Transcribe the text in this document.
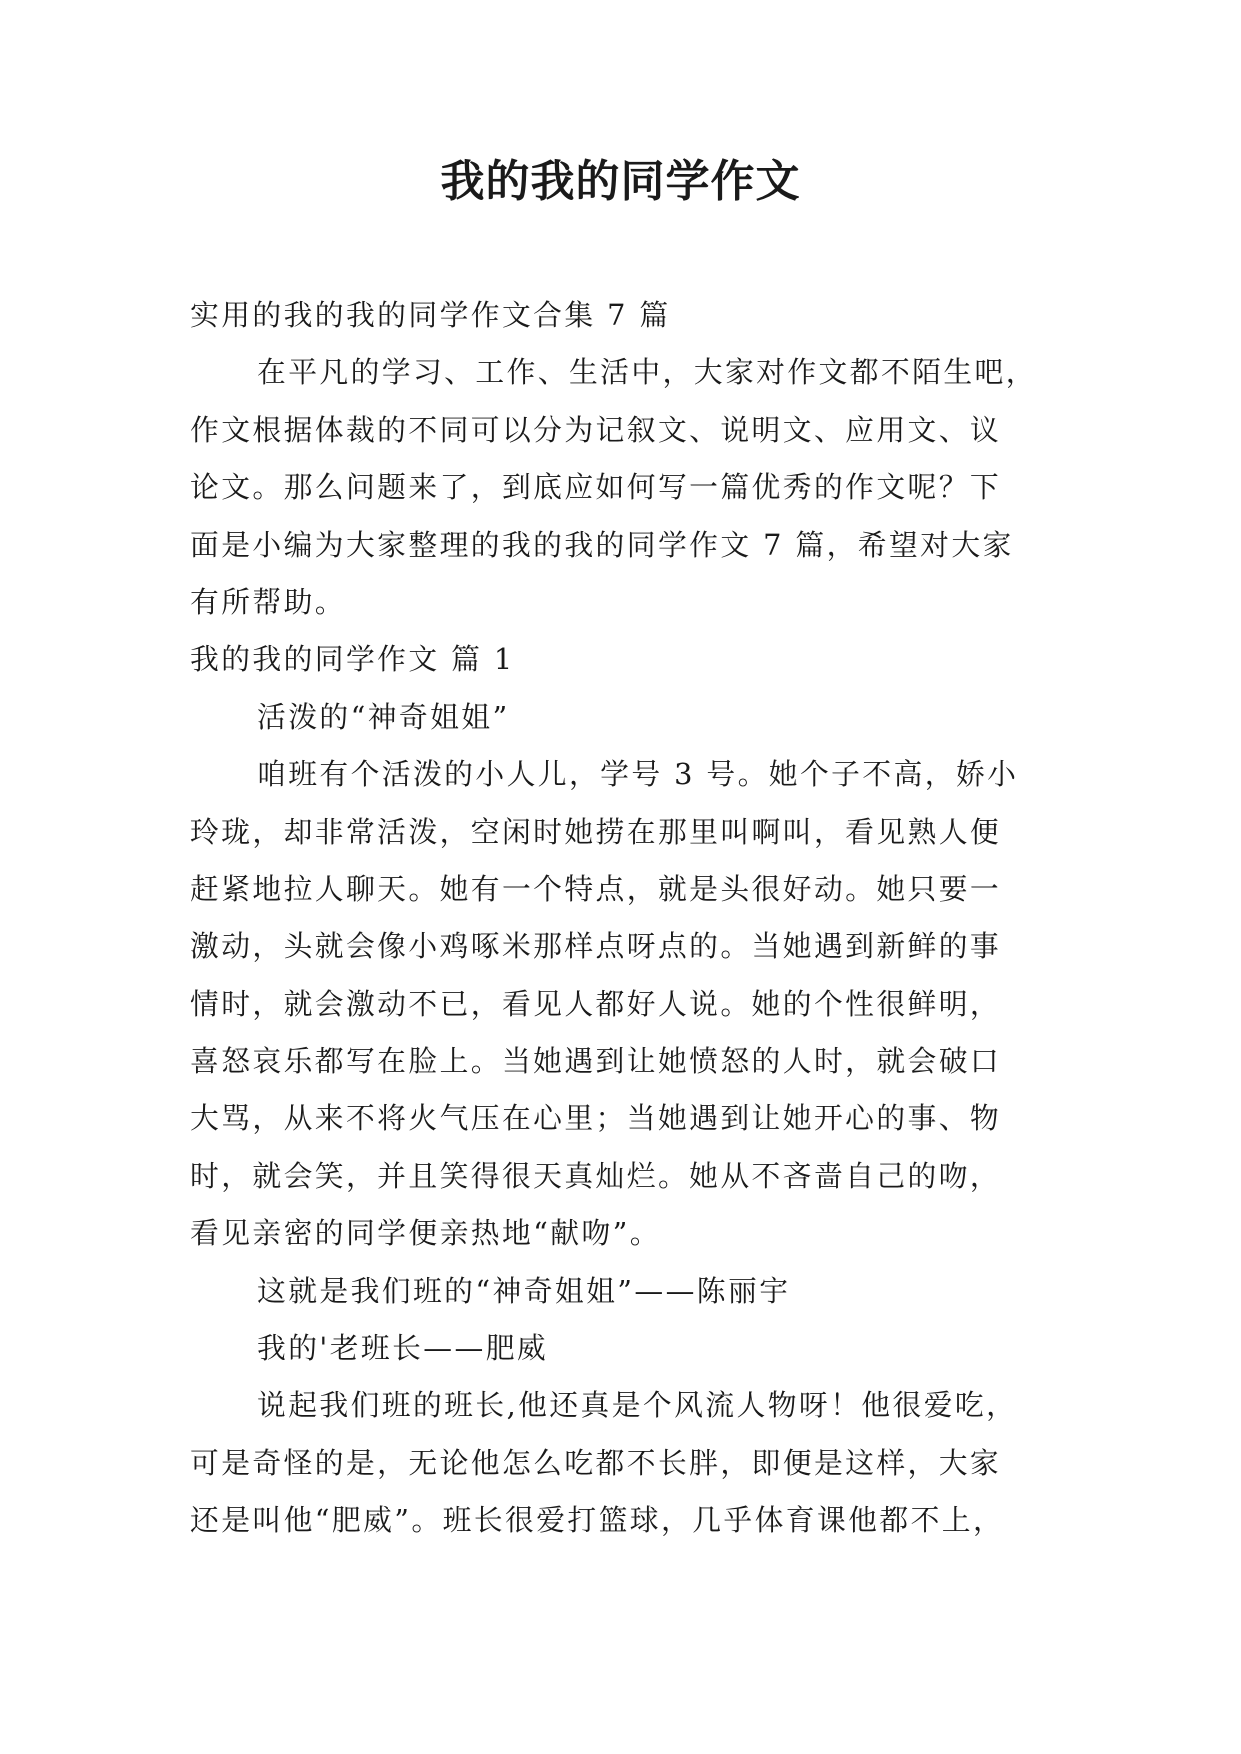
我的我的同学作文
实用的我的我的同学作文合集 7 篇
在平凡的学习、工作、生活中，大家对作文都不陌生吧，
作文根据体裁的不同可以分为记叙文、说明文、应用文、议
论文。那么问题来了，到底应如何写一篇优秀的作文呢？下
面是小编为大家整理的我的我的同学作文 7 篇，希望对大家
有所帮助。
我的我的同学作文 篇 1
活泼的“神奇姐姐”
咱班有个活泼的小人儿，学号 3 号。她个子不高，娇小
玲珑，却非常活泼，空闲时她捞在那里叫啊叫，看见熟人便
赶紧地拉人聊天。她有一个特点，就是头很好动。她只要一
激动，头就会像小鸡啄米那样点呀点的。当她遇到新鲜的事
情时，就会激动不已，看见人都好人说。她的个性很鲜明，
喜怒哀乐都写在脸上。当她遇到让她愤怒的人时，就会破口
大骂，从来不将火气压在心里；当她遇到让她开心的事、物
时，就会笑，并且笑得很天真灿烂。她从不吝啬自己的吻，
看见亲密的同学便亲热地“献吻”。
这就是我们班的“神奇姐姐”——陈丽宇
我的'老班长——肥威
说起我们班的班长,他还真是个风流人物呀！他很爱吃，
可是奇怪的是，无论他怎么吃都不长胖，即便是这样，大家
还是叫他“肥威”。班长很爱打篮球，几乎体育课他都不上，
